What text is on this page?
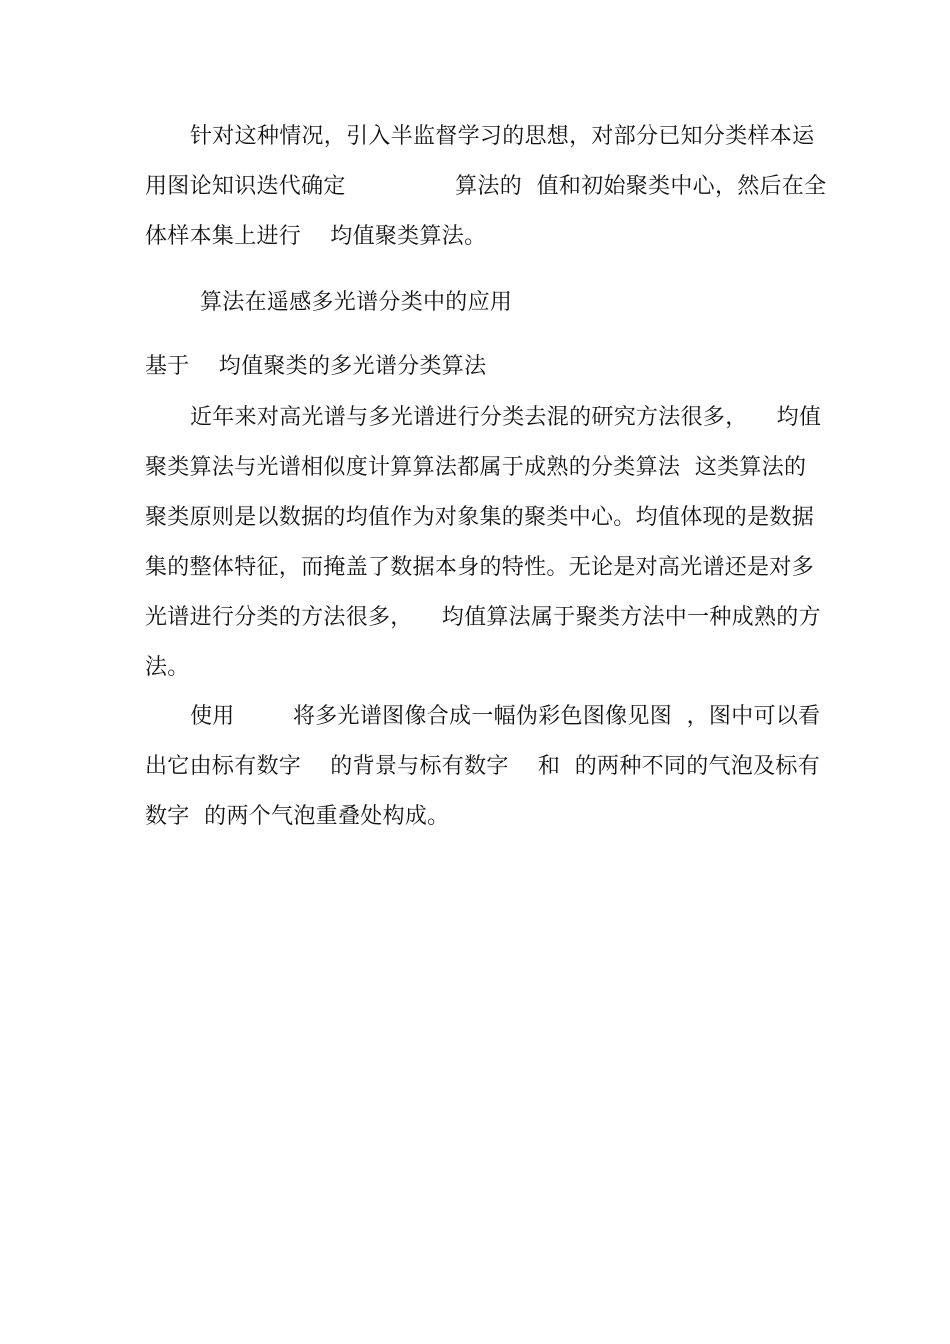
针对这种情况，引入半监督学习的思想，对部分已知分类样本运
用图论知识迭代确定               算法的  值和初始聚类中心，然后在全
体样本集上进行    均值聚类算法。
算法在遥感多光谱分类中的应用
基于    均值聚类的多光谱分类算法
近年来对高光谱与多光谱进行分类去混的研究方法很多，    均值
聚类算法与光谱相似度计算算法都属于成熟的分类算法  这类算法的
聚类原则是以数据的均值作为对象集的聚类中心。均值体现的是数据
集的整体特征，而掩盖了数据本身的特性。无论是对高光谱还是对多
光谱进行分类的方法很多，    均值算法属于聚类方法中一种成熟的方
法。
使用        将多光谱图像合成一幅伪彩色图像见图  ，图中可以看
出它由标有数字    的背景与标有数字    和  的两种不同的气泡及标有
数字  的两个气泡重叠处构成。
